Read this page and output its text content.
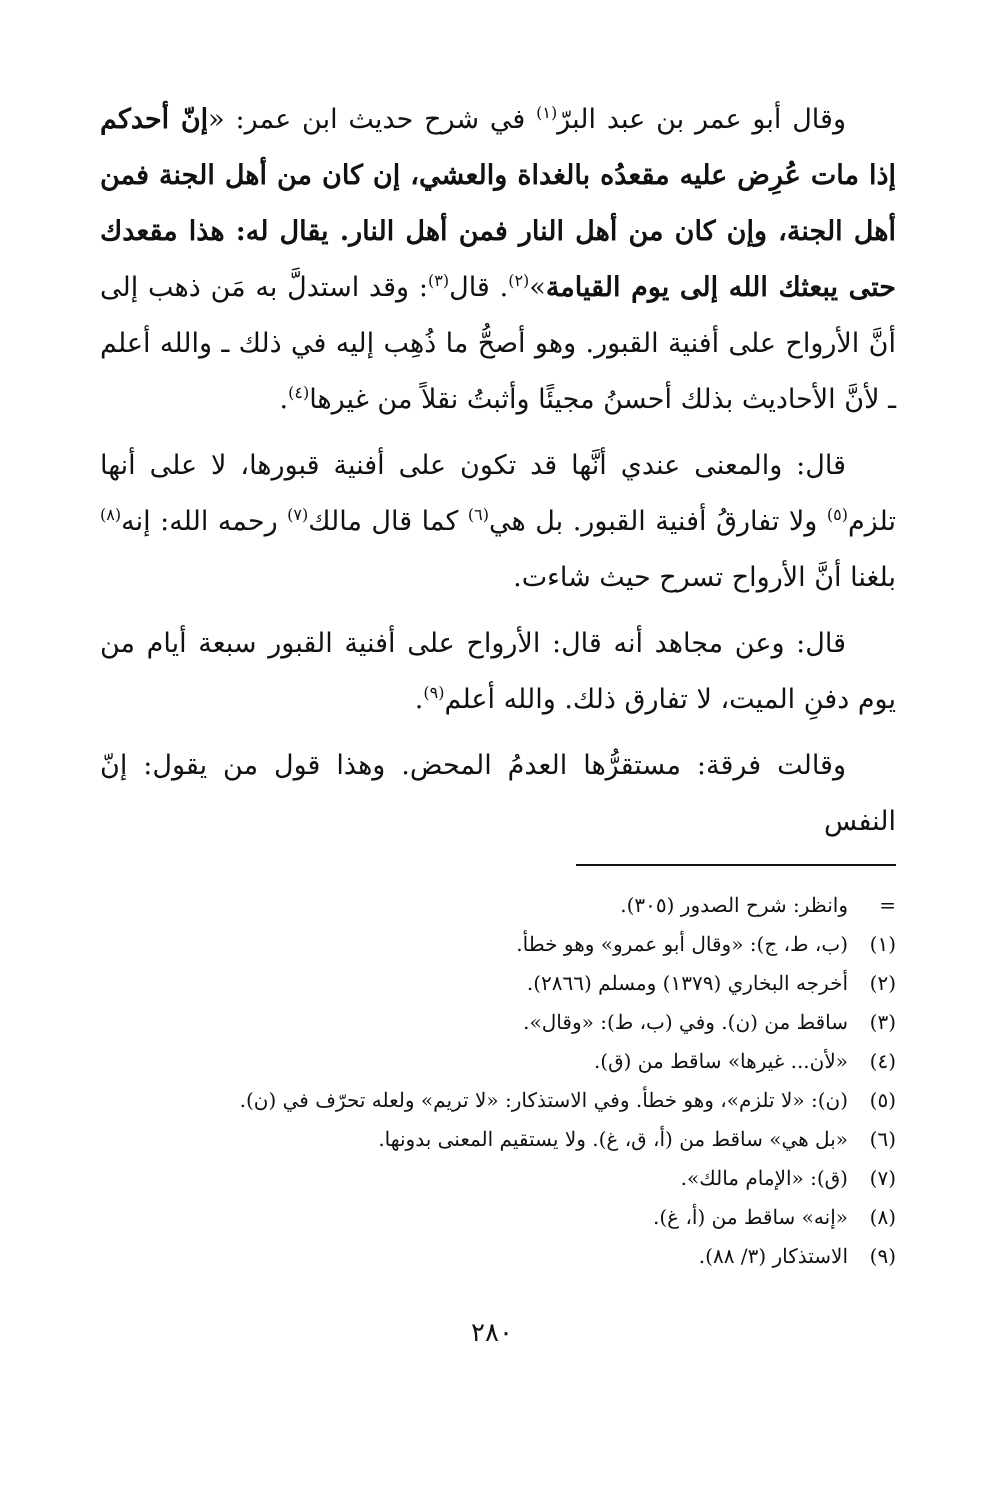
وقال أبو عمر بن عبد البرّ$^{(١)}$ في شرح حديث ابن عمر: «إنّ أحدكم إذا مات عُرِض عليه مقعدُه بالغداة والعشي، إن كان من أهل الجنة فمن أهل الجنة، وإن كان من أهل النار فمن أهل النار. يقال له: هذا مقعدك حتى يبعثك الله إلى يوم القيامة»$^{(٢)}$. قال$^{(٣)}$: وقد استدلَّ به مَن ذهب إلى أنَّ الأرواح على أفنية القبور. وهو أصحُّ ما ذُهِب إليه في ذلك ـ والله أعلم ـ لأنَّ الأحاديث بذلك أحسنُ مجيئًا وأثبتُ نقلاً من غيرها$^{(٤)}$.

قال: والمعنى عندي أنَّها قد تكون على أفنية قبورها، لا على أنها تلزم$^{(٥)}$ ولا تفارقُ أفنية القبور. بل هي$^{(٦)}$ كما قال مالك$^{(٧)}$ رحمه الله: إنه$^{(٨)}$ بلغنا أنَّ الأرواح تسرح حيث شاءت.

قال: وعن مجاهد أنه قال: الأرواح على أفنية القبور سبعة أيام من يوم دفنِ الميت، لا تفارق ذلك. والله أعلم$^{(٩)}$.

وقالت فرقة: مستقرُّها العدمُ المحض. وهذا قول من يقول: إنّ النفس

=وانظر: شرح الصدور (٣٠٥).
(١)(ب، ط، ج): «وقال أبو عمرو» وهو خطأ.
(٢)أخرجه البخاري (١٣٧٩) ومسلم (٢٨٦٦).
(٣)ساقط من (ن). وفي (ب، ط): «وقال».
(٤)«لأن... غيرها» ساقط من (ق).
(٥)(ن): «لا تلزم»، وهو خطأ. وفي الاستذكار: «لا تريم» ولعله تحرّف في (ن).
(٦)«بل هي» ساقط من (أ، ق، غ). ولا يستقيم المعنى بدونها.
(٧)(ق): «الإمام مالك».
(٨)«إنه» ساقط من (أ، غ).
(٩)الاستذكار (٣/ ٨٨).
٢٨٠
